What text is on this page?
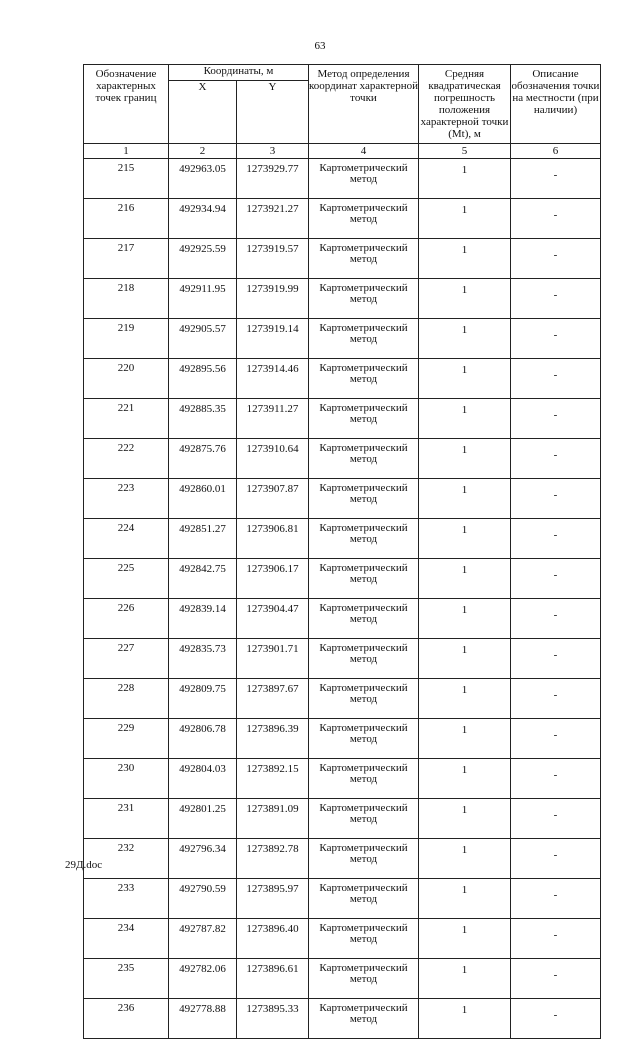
63
Обозначение характерных точек границ	Координаты, м		Метод определения координат характерной точки	Средняя квадратическая погрешность положения характерной точки (Mt), м	Описание обозначения точки на местности (при наличии)
	X	Y			
1	2	3	4	5	6
215	492963.05	1273929.77	Картометрический метод	1	-
216	492934.94	1273921.27	Картометрический метод	1	-
217	492925.59	1273919.57	Картометрический метод	1	-
218	492911.95	1273919.99	Картометрический метод	1	-
219	492905.57	1273919.14	Картометрический метод	1	-
220	492895.56	1273914.46	Картометрический метод	1	-
221	492885.35	1273911.27	Картометрический метод	1	-
222	492875.76	1273910.64	Картометрический метод	1	-
223	492860.01	1273907.87	Картометрический метод	1	-
224	492851.27	1273906.81	Картометрический метод	1	-
225	492842.75	1273906.17	Картометрический метод	1	-
226	492839.14	1273904.47	Картометрический метод	1	-
227	492835.73	1273901.71	Картометрический метод	1	-
228	492809.75	1273897.67	Картометрический метод	1	-
229	492806.78	1273896.39	Картометрический метод	1	-
230	492804.03	1273892.15	Картометрический метод	1	-
231	492801.25	1273891.09	Картометрический метод	1	-
232	492796.34	1273892.78	Картометрический метод	1	-
233	492790.59	1273895.97	Картометрический метод	1	-
234	492787.82	1273896.40	Картометрический метод	1	-
235	492782.06	1273896.61	Картометрический метод	1	-
236	492778.88	1273895.33	Картометрический метод	1	-
29Д.doc
